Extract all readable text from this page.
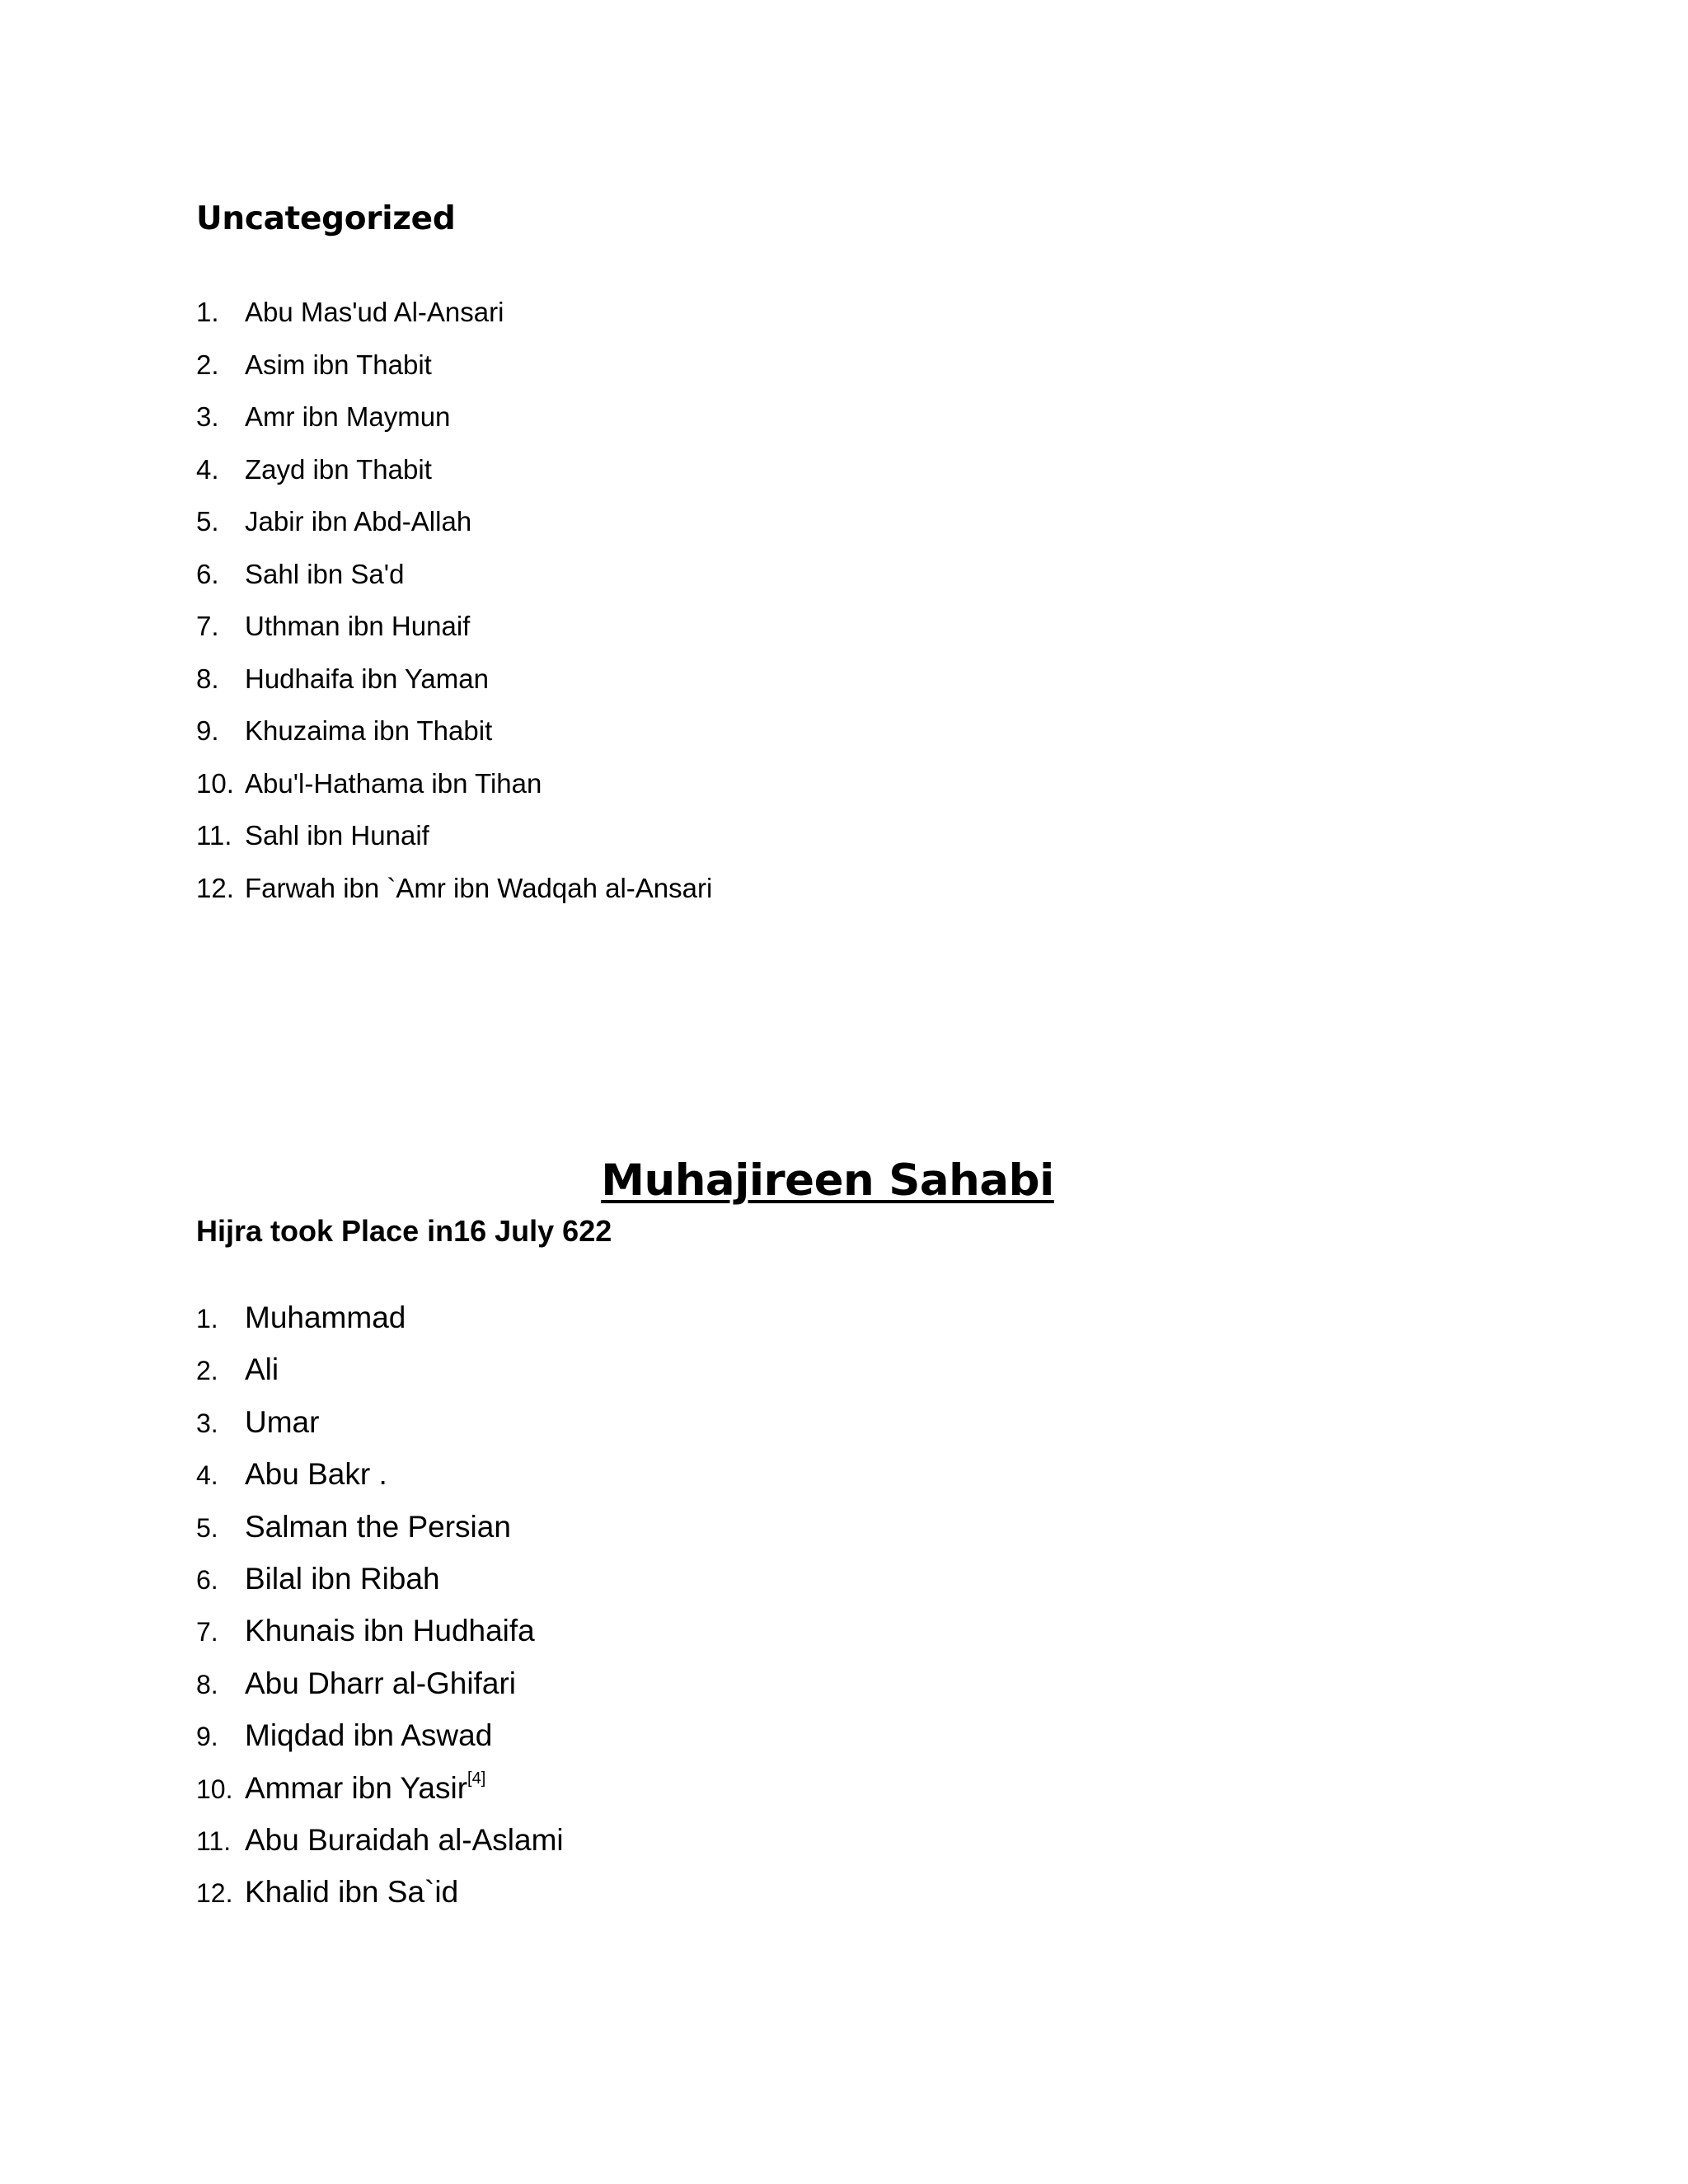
Uncategorized
1. Abu Mas'ud Al-Ansari
2. Asim ibn Thabit
3. Amr ibn Maymun
4. Zayd ibn Thabit
5. Jabir ibn Abd-Allah
6. Sahl ibn Sa'd
7. Uthman ibn Hunaif
8. Hudhaifa ibn Yaman
9. Khuzaima ibn Thabit
10. Abu'l-Hathama ibn Tihan
11. Sahl ibn Hunaif
12. Farwah ibn `Amr ibn Wadqah al-Ansari
Muhajireen Sahabi

Hijra took Place in16 July 622

1. Muhammad
2. Ali
3. Umar
4. Abu Bakr .
5. Salman the Persian
6. Bilal ibn Ribah
7. Khunais ibn Hudhaifa
8. Abu Dharr al-Ghifari
9. Miqdad ibn Aswad
10. Ammar ibn Yasir[4]
11. Abu Buraidah al-Aslami
12. Khalid ibn Sa`id
